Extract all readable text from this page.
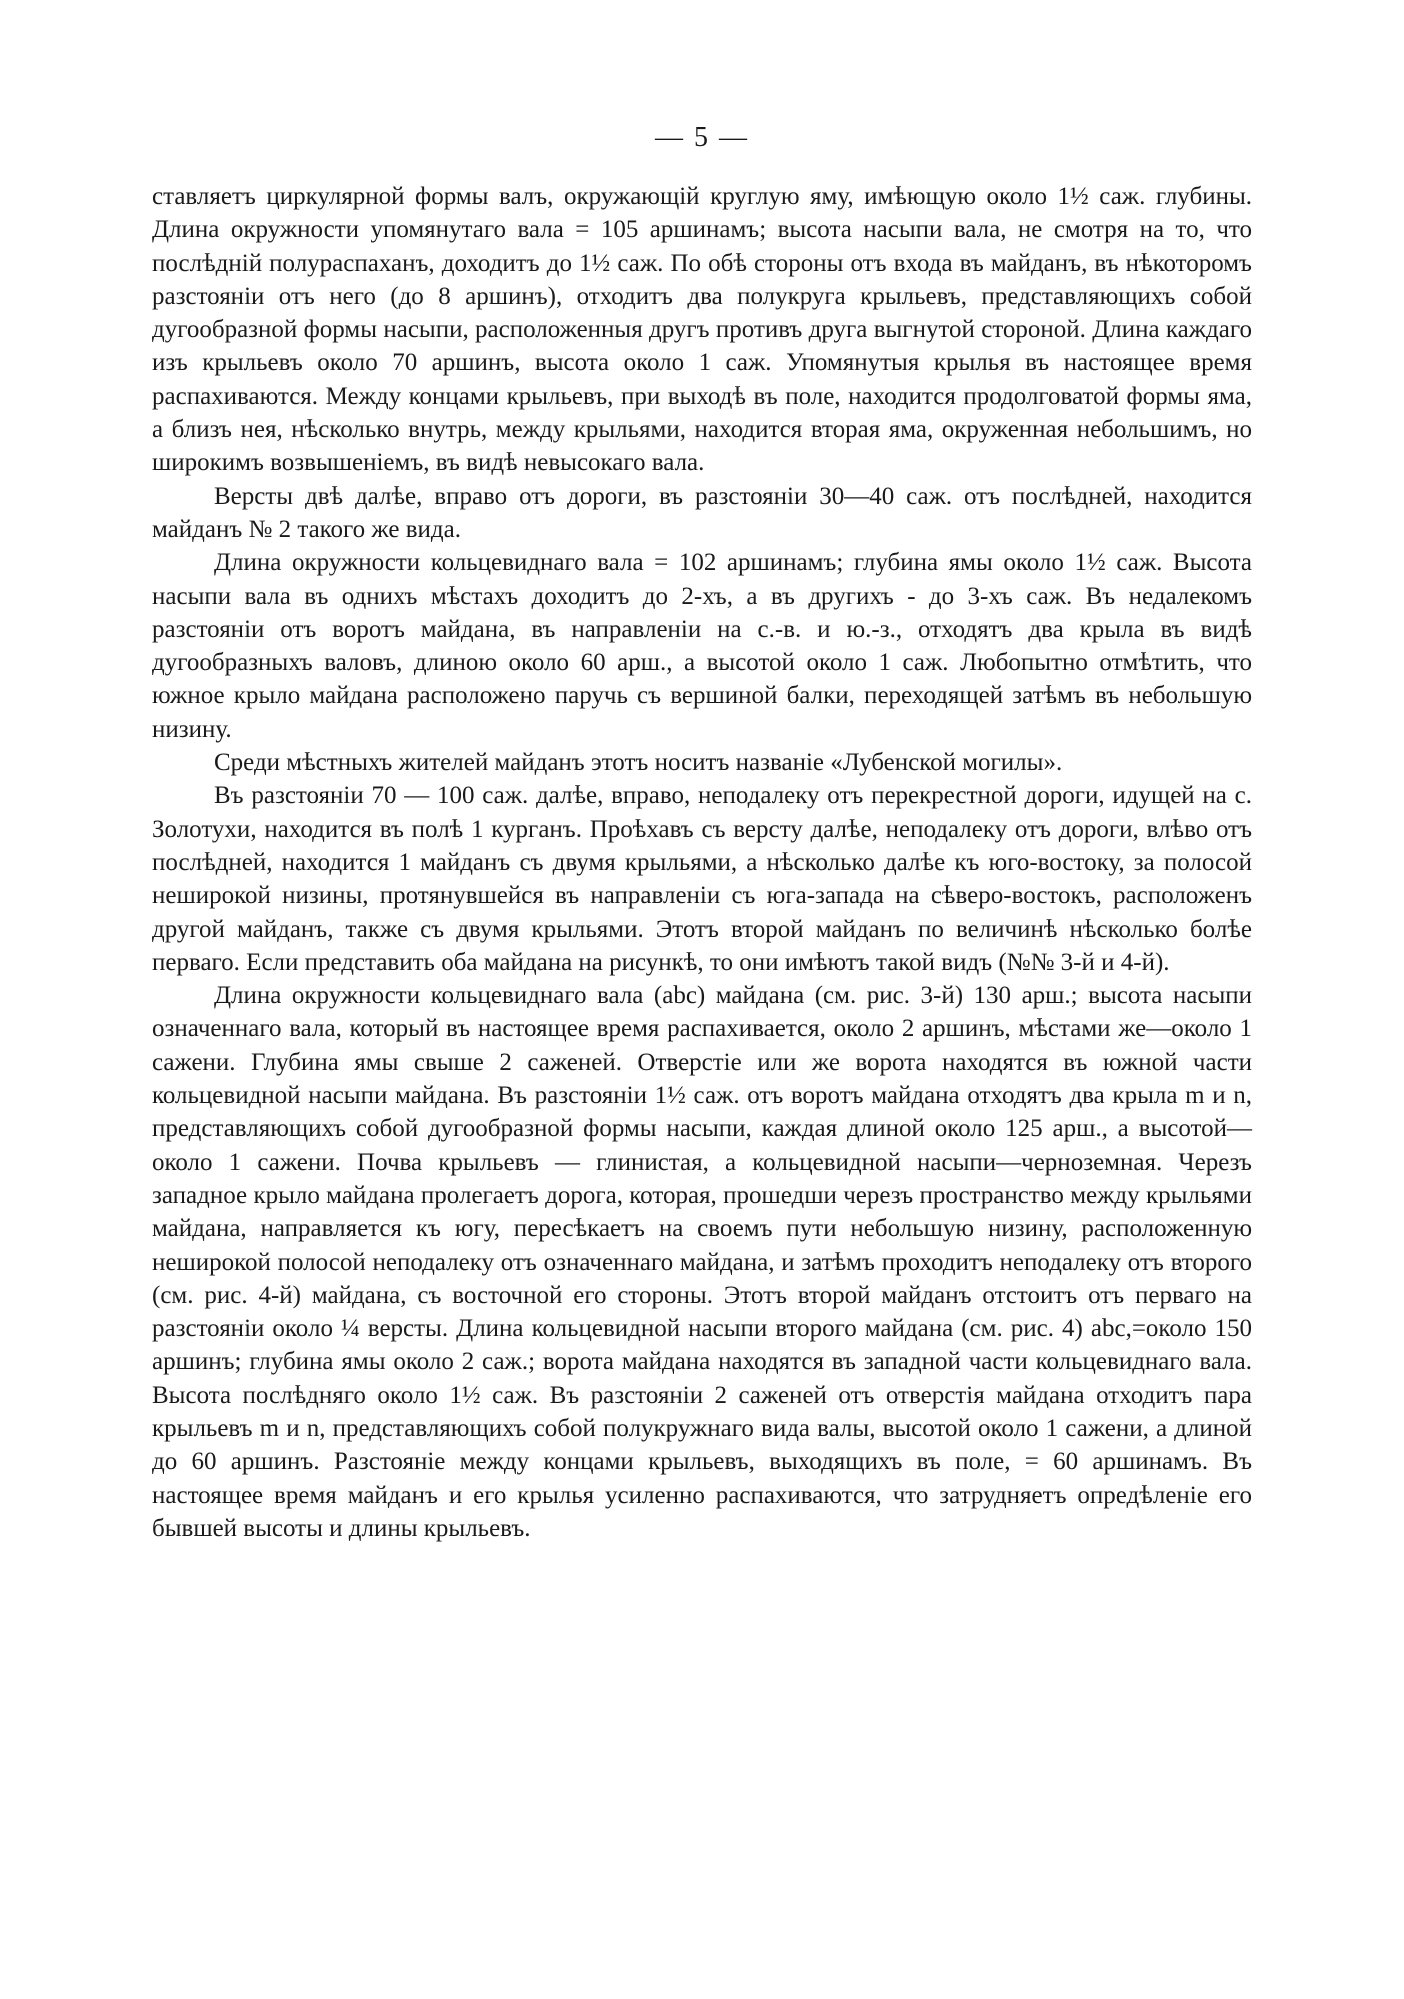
— 5 —

ставляетъ циркулярной формы валъ, окружающій круглую яму, имѣющую около 1½ саж. глубины. Длина окружности упомянутаго вала = 105 аршинамъ; высота насыпи вала, не смотря на то, что послѣдній полураспаханъ, доходитъ до 1½ саж. По обѣ стороны отъ входа въ майданъ, въ нѣкоторомъ разстояніи отъ него (до 8 аршинъ), отходитъ два полукруга крыльевъ, представляющихъ собой дугообразной формы насыпи, расположенныя другъ противъ друга выгнутой стороной. Длина каждаго изъ крыльевъ около 70 аршинъ, высота около 1 саж. Упомянутыя крылья въ настоящее время распахиваются. Между концами крыльевъ, при выходѣ въ поле, находится продолговатой формы яма, а близъ нея, нѣсколько внутрь, между крыльями, находится вторая яма, окруженная небольшимъ, но широкимъ возвышеніемъ, въ видѣ невысокаго вала.

Версты двѣ далѣе, вправо отъ дороги, въ разстояніи 30—40 саж. отъ послѣдней, находится майданъ № 2 такого же вида.

Длина окружности кольцевиднаго вала = 102 аршинамъ; глубина ямы около 1½ саж. Высота насыпи вала въ однихъ мѣстахъ доходитъ до 2-хъ, а въ другихъ - до 3-хъ саж. Въ недалекомъ разстояніи отъ воротъ майдана, въ направленіи на с.-в. и ю.-з., отходятъ два крыла въ видѣ дугообразныхъ валовъ, длиною около 60 арш., а высотой около 1 саж. Любопытно отмѣтить, что южное крыло майдана расположено паручь съ вершиной балки, переходящей затѣмъ въ небольшую низину.

Среди мѣстныхъ жителей майданъ этотъ носитъ названіе «Лубенской могилы».

Въ разстояніи 70 — 100 саж. далѣе, вправо, неподалеку отъ перекрестной дороги, идущей на с. Золотухи, находится въ полѣ 1 курганъ. Проѣхавъ съ версту далѣе, неподалеку отъ дороги, влѣво отъ послѣдней, находится 1 майданъ съ двумя крыльями, а нѣсколько далѣе къ юго-востоку, за полосой неширокой низины, протянувшейся въ направленіи съ юга-запада на сѣверо-востокъ, расположенъ другой майданъ, также съ двумя крыльями. Этотъ второй майданъ по величинѣ нѣсколько болѣе перваго. Если представить оба майдана на рисункѣ, то они имѣютъ такой видъ (№№ 3-й и 4-й).

Длина окружности кольцевиднаго вала (abc) майдана (см. рис. 3-й) 130 арш.; высота насыпи означеннаго вала, который въ настоящее время распахивается, около 2 аршинъ, мѣстами же—около 1 сажени. Глубина ямы свыше 2 саженей. Отверстіе или же ворота находятся въ южной части кольцевидной насыпи майдана. Въ разстояніи 1½ саж. отъ воротъ майдана отходятъ два крыла m и n, представляющихъ собой дугообразной формы насыпи, каждая длиной около 125 арш., а высотой— около 1 сажени. Почва крыльевъ — глинистая, а кольцевидной насыпи—черноземная. Черезъ западное крыло майдана пролегаетъ дорога, которая, прошедши черезъ пространство между крыльями майдана, направляется къ югу, пересѣкаетъ на своемъ пути небольшую низину, расположенную неширокой полосой неподалеку отъ означеннаго майдана, и затѣмъ проходитъ неподалеку отъ второго (см. рис. 4-й) майдана, съ восточной его стороны. Этотъ второй майданъ отстоитъ отъ перваго на разстояніи около ¼ версты. Длина кольцевидной насыпи второго майдана (см. рис. 4) abc,=около 150 аршинъ; глубина ямы около 2 саж.; ворота майдана находятся въ западной части кольцевиднаго вала. Высота послѣдняго около 1½ саж. Въ разстояніи 2 саженей отъ отверстія майдана отходитъ пара крыльевъ m и n, представляющихъ собой полукружнаго вида валы, высотой около 1 сажени, а длиной до 60 аршинъ. Разстояніе между концами крыльевъ, выходящихъ въ поле, = 60 аршинамъ. Въ настоящее время майданъ и его крылья усиленно распахиваются, что затрудняетъ опредѣленіе его бывшей высоты и длины крыльевъ.
